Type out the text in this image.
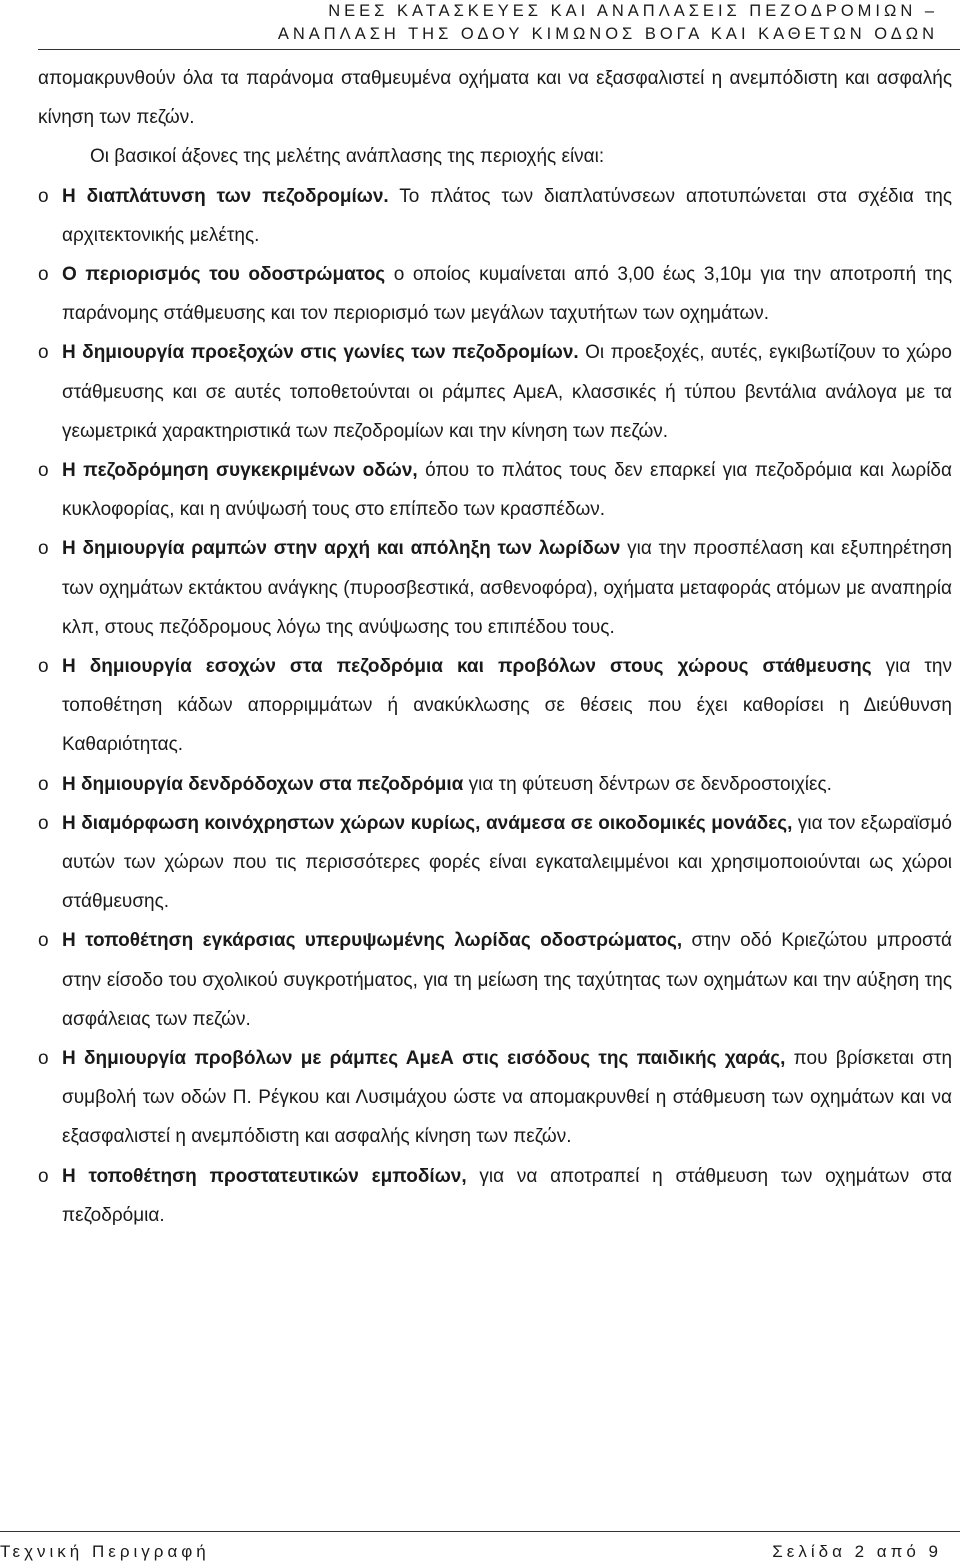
ΝΕΕΣ ΚΑΤΑΣΚΕΥΕΣ ΚΑΙ ΑΝΑΠΛΑΣΕΙΣ ΠΕΖΟΔΡΟΜΙΩΝ –
ΑΝΑΠΛΑΣΗ ΤΗΣ ΟΔΟΥ ΚΙΜΩΝΟΣ ΒΟΓΑ ΚΑΙ ΚΑΘΕΤΩΝ ΟΔΩΝ

απομακρυνθούν όλα τα παράνομα σταθμευμένα οχήματα και να εξασφαλιστεί η ανεμπόδιστη και ασφαλής κίνηση των πεζών.

Οι βασικοί άξονες της μελέτης ανάπλασης της περιοχής είναι:

o Η διαπλάτυνση των πεζοδρομίων. Το πλάτος των διαπλατύνσεων αποτυπώνεται στα σχέδια της αρχιτεκτονικής μελέτης.

o Ο περιορισμός του οδοστρώματος ο οποίος κυμαίνεται από 3,00 έως 3,10μ για την αποτροπή της παράνομης στάθμευσης και τον περιορισμό των μεγάλων ταχυτήτων των οχημάτων.

o Η δημιουργία προεξοχών στις γωνίες των πεζοδρομίων. Οι προεξοχές, αυτές, εγκιβωτίζουν το χώρο στάθμευσης και σε αυτές τοποθετούνται οι ράμπες ΑμεΑ, κλασσικές ή τύπου βεντάλια ανάλογα με τα γεωμετρικά χαρακτηριστικά των πεζοδρομίων και την κίνηση των πεζών.

o Η πεζοδρόμηση συγκεκριμένων οδών, όπου το πλάτος τους δεν επαρκεί για πεζοδρόμια και λωρίδα κυκλοφορίας, και η ανύψωσή τους στο επίπεδο των κρασπέδων.

o Η δημιουργία ραμπών στην αρχή και απόληξη των λωρίδων για την προσπέλαση και εξυπηρέτηση των οχημάτων εκτάκτου ανάγκης (πυροσβεστικά, ασθενοφόρα), οχήματα μεταφοράς ατόμων με αναπηρία κλπ, στους πεζόδρομους λόγω της ανύψωσης του επιπέδου τους.

o Η δημιουργία εσοχών στα πεζοδρόμια και προβόλων στους χώρους στάθμευσης για την τοποθέτηση κάδων απορριμμάτων ή ανακύκλωσης σε θέσεις που έχει καθορίσει η Διεύθυνση Καθαριότητας.

o Η δημιουργία δενδρόδοχων στα πεζοδρόμια για τη φύτευση δέντρων σε δενδροστοιχίες.

o Η διαμόρφωση κοινόχρηστων χώρων κυρίως, ανάμεσα σε οικοδομικές μονάδες, για τον εξωραϊσμό αυτών των χώρων που τις περισσότερες φορές είναι εγκαταλειμμένοι και χρησιμοποιούνται ως χώροι στάθμευσης.

o Η τοποθέτηση εγκάρσιας υπερυψωμένης λωρίδας οδοστρώματος, στην οδό Κριεζώτου μπροστά στην είσοδο του σχολικού συγκροτήματος, για τη μείωση της ταχύτητας των οχημάτων και την αύξηση της ασφάλειας των πεζών.

o Η δημιουργία προβόλων με ράμπες ΑμεΑ στις εισόδους της παιδικής χαράς, που βρίσκεται στη συμβολή των οδών Π. Ρέγκου και Λυσιμάχου ώστε να απομακρυνθεί η στάθμευση των οχημάτων και να εξασφαλιστεί η ανεμπόδιστη και ασφαλής κίνηση των πεζών.

o Η τοποθέτηση προστατευτικών εμποδίων, για να αποτραπεί η στάθμευση των οχημάτων στα πεζοδρόμια.

Τεχνική Περιγραφή	Σελίδα 2 από 9
